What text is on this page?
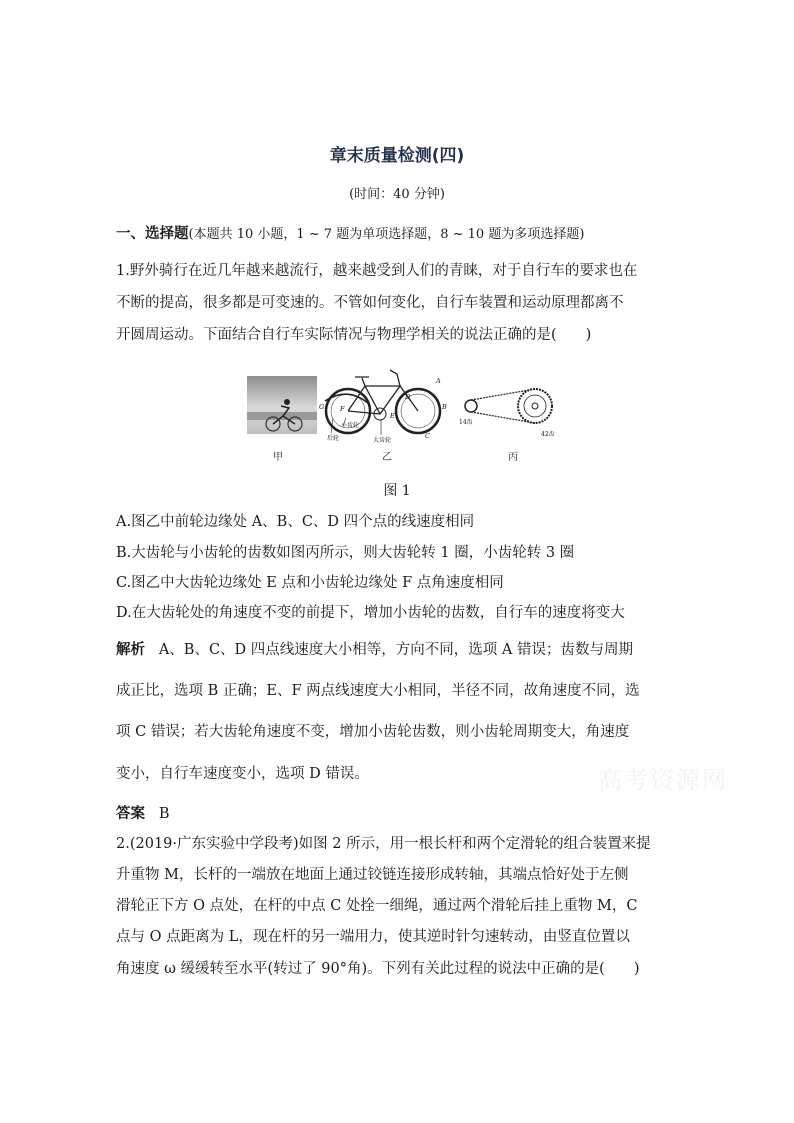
章末质量检测(四)
(时间：40 分钟)
一、选择题(本题共 10 小题，1 ~ 7 题为单项选择题，8 ~ 10 题为多项选择题)
1.野外骑行在近几年越来越流行，越来越受到人们的青睐，对于自行车的要求也在
不断的提高，很多都是可变速的。不管如何变化，自行车装置和运动原理都离不
开圆周运动。下面结合自行车实际情况与物理学相关的说法正确的是(　　)
甲
A
B
C
D
E
F
G
小齿轮
后轮	大齿轮
乙
14齿
42齿
丙
图 1
A.图乙中前轮边缘处 A、B、C、D 四个点的线速度相同
B.大齿轮与小齿轮的齿数如图丙所示，则大齿轮转 1 圈，小齿轮转 3 圈
C.图乙中大齿轮边缘处 E 点和小齿轮边缘处 F 点角速度相同
D.在大齿轮处的角速度不变的前提下，增加小齿轮的齿数，自行车的速度将变大
解析 A、B、C、D 四点线速度大小相等，方向不同，选项 A 错误；齿数与周期
成正比，选项 B 正确；E、F 两点线速度大小相同，半径不同，故角速度不同，选
项 C 错误；若大齿轮角速度不变，增加小齿轮齿数，则小齿轮周期变大，角速度
变小，自行车速度变小，选项 D 错误。
答案 B
2.(2019·广东实验中学段考)如图 2 所示，用一根长杆和两个定滑轮的组合装置来提
升重物 M，长杆的一端放在地面上通过铰链连接形成转轴，其端点恰好处于左侧
滑轮正下方 O 点处，在杆的中点 C 处拴一细绳，通过两个滑轮后挂上重物 M，C
点与 O 点距离为 L，现在杆的另一端用力，使其逆时针匀速转动，由竖直位置以
角速度 ω 缓缓转至水平(转过了 90°角)。下列有关此过程的说法中正确的是(　　)
高考资源网
